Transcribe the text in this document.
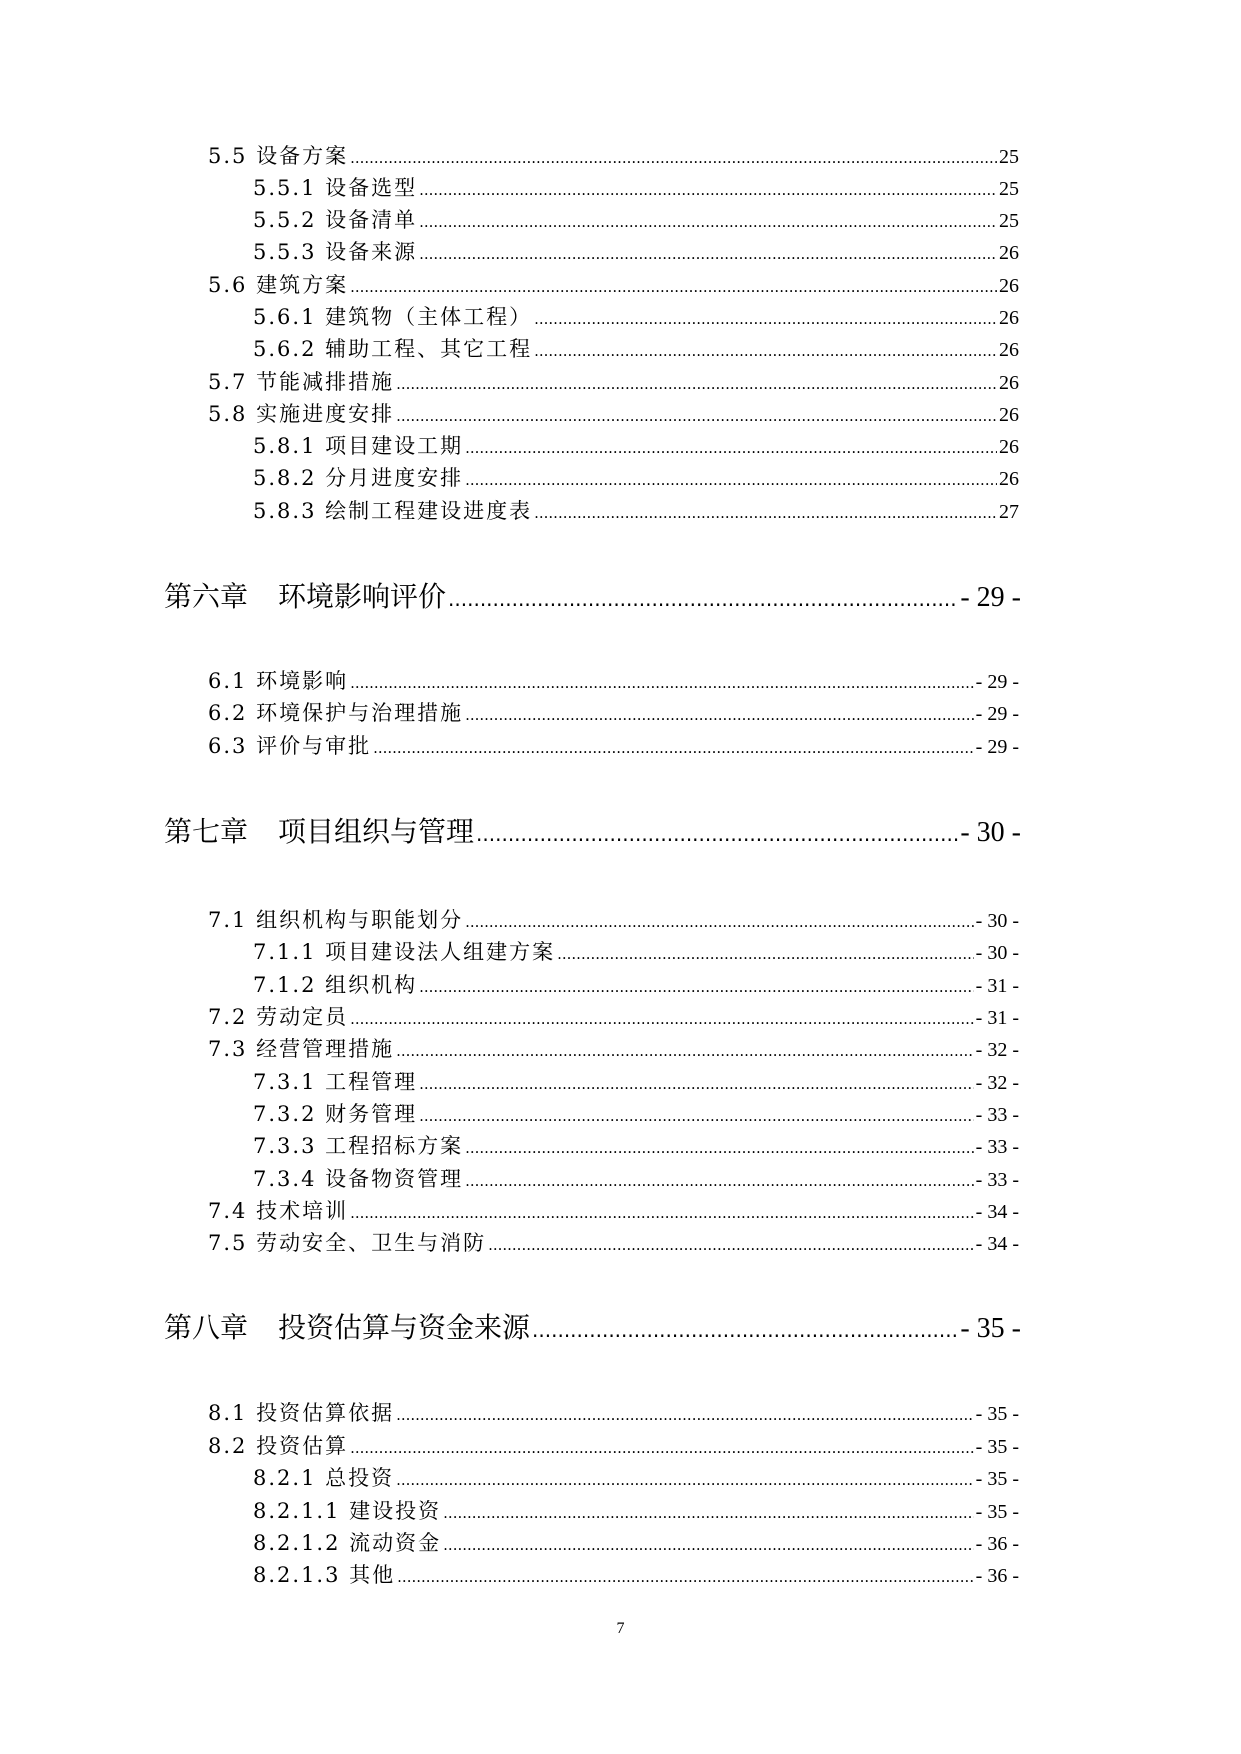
5.5 设备方案 .....	25
5.5.1 设备选型 .....	25
5.5.2 设备清单 .....	25
5.5.3 设备来源 .....	26
5.6 建筑方案 .....	26
5.6.1 建筑物（主体工程） .....	26
5.6.2 辅助工程、其它工程 .....	26
5.7 节能减排措施 .....	26
5.8 实施进度安排 .....	26
5.8.1 项目建设工期 .....	26
5.8.2 分月进度安排 .....	26
5.8.3 绘制工程建设进度表 .....	27
第六章 环境影响评价 .....	- 29 -
6.1 环境影响 .....	- 29 -
6.2 环境保护与治理措施 .....	- 29 -
6.3 评价与审批 .....	- 29 -
第七章 项目组织与管理 .....	- 30 -
7.1 组织机构与职能划分 .....	- 30 -
7.1.1 项目建设法人组建方案 .....	- 30 -
7.1.2 组织机构 .....	- 31 -
7.2 劳动定员 .....	- 31 -
7.3 经营管理措施 .....	- 32 -
7.3.1 工程管理 .....	- 32 -
7.3.2 财务管理 .....	- 33 -
7.3.3 工程招标方案 .....	- 33 -
7.3.4 设备物资管理 .....	- 33 -
7.4 技术培训 .....	- 34 -
7.5 劳动安全、卫生与消防 .....	- 34 -
第八章 投资估算与资金来源 .....	- 35 -
8.1 投资估算依据 .....	- 35 -
8.2 投资估算 .....	- 35 -
8.2.1 总投资 .....	- 35 -
8.2.1.1 建设投资 .....	- 35 -
8.2.1.2 流动资金 .....	- 36 -
8.2.1.3 其他 .....	- 36 -
7
